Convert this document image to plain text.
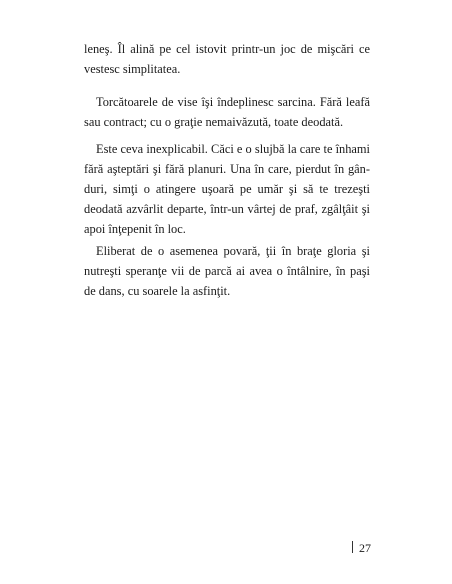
leneş. Îl alină pe cel istovit printr-un joc de mişcări ce
vestesc simplitatea.

Torcătoarele de vise îşi îndeplinesc sarcina. Fără leafă
sau contract; cu o graţie nemaivăzută, toate deodată.

Este ceva inexplicabil. Căci e o slujbă la care te înhami
fără aşteptări şi fără planuri. Una în care, pierdut în gân-
duri, simţi o atingere uşoară pe umăr şi să te trezeşti
deodată azvârlit departe, într-un vârtej de praf, zgâlţâit şi
apoi înţepenit în loc.

Eliberat de o asemenea povară, ţii în braţe gloria şi
nutreşti speranţe vii de parcă ai avea o întâlnire, în paşi
de dans, cu soarele la asfinţit.

27
